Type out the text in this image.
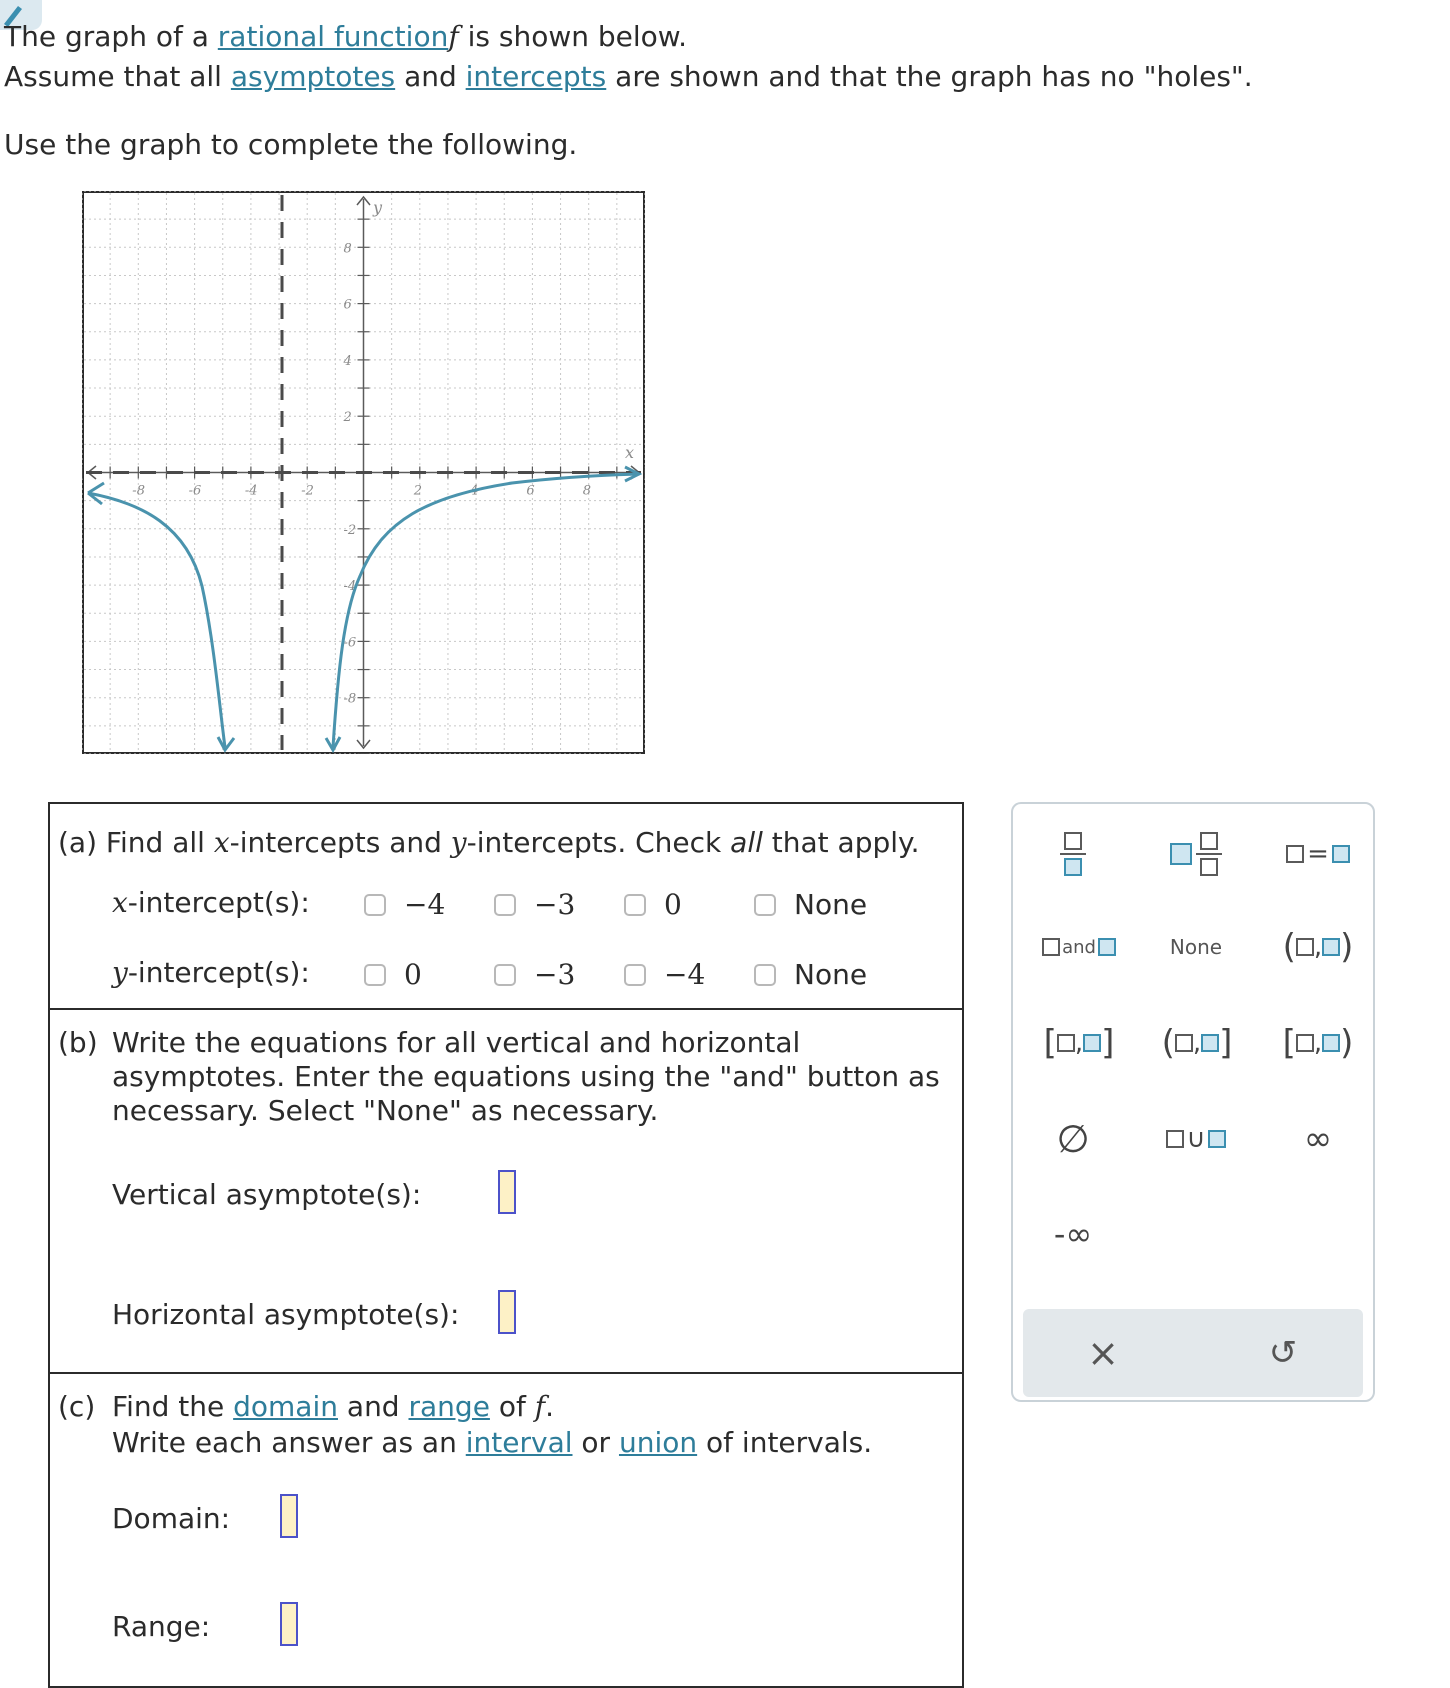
The graph of a rational functionf is shown below.
Assume that all asymptotes and intercepts are shown and that the graph has no "holes".
Use the graph to complete the following.
-8	-6	-4	-2	2	4	6	8
8
6
4
2
-2
-4
-6
-8
x
y
(a) Find all x-intercepts and y-intercepts. Check all that apply.
x-intercept(s):	−4	−3	0	None
y-intercept(s):	0	−3	−4	None
(b) Write the equations for all vertical and horizontal
asymptotes. Enter the equations using the "and" button as
necessary. Select "None" as necessary.
Vertical asymptote(s):
Horizontal asymptote(s):
(c) Find the domain and range of f.
Write each answer as an interval or union of intervals.
Domain:
Range:
=
and	None ( , )
[ , ] ( , ] [ , )
∅	∪	∞
-∞
×	↺
